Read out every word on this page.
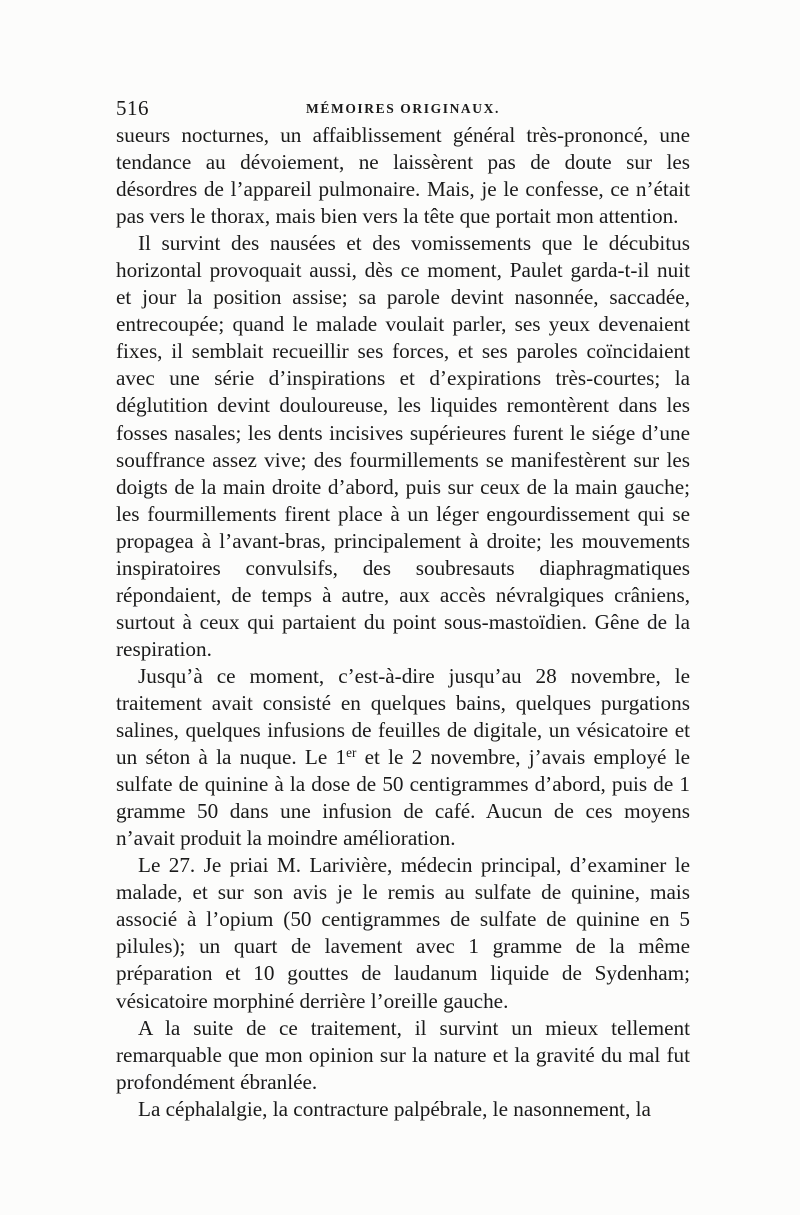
516	MÉMOIRES ORIGINAUX.

sueurs nocturnes, un affaiblissement général très-prononcé, une tendance au dévoiement, ne laissèrent pas de doute sur les désordres de l’appareil pulmonaire. Mais, je le confesse, ce n’était pas vers le thorax, mais bien vers la tête que portait mon attention.

Il survint des nausées et des vomissements que le décubitus horizontal provoquait aussi, dès ce moment, Paulet garda-t-il nuit et jour la position assise; sa parole devint nasonnée, saccadée, entrecoupée; quand le malade voulait parler, ses yeux devenaient fixes, il semblait recueillir ses forces, et ses paroles coïncidaient avec une série d’inspirations et d’expirations très-courtes; la déglutition devint douloureuse, les liquides remontèrent dans les fosses nasales; les dents incisives supérieures furent le siége d’une souffrance assez vive; des fourmillements se manifestèrent sur les doigts de la main droite d’abord, puis sur ceux de la main gauche; les fourmillements firent place à un léger engourdissement qui se propagea à l’avant-bras, principalement à droite; les mouvements inspiratoires convulsifs, des soubresauts diaphragmatiques répondaient, de temps à autre, aux accès névralgiques crâniens, surtout à ceux qui partaient du point sous-mastoïdien. Gêne de la respiration.

Jusqu’à ce moment, c’est-à-dire jusqu’au 28 novembre, le traitement avait consisté en quelques bains, quelques purgations salines, quelques infusions de feuilles de digitale, un vésicatoire et un séton à la nuque. Le 1er et le 2 novembre, j’avais employé le sulfate de quinine à la dose de 50 centigrammes d’abord, puis de 1 gramme 50 dans une infusion de café. Aucun de ces moyens n’avait produit la moindre amélioration.

Le 27. Je priai M. Larivière, médecin principal, d’examiner le malade, et sur son avis je le remis au sulfate de quinine, mais associé à l’opium (50 centigrammes de sulfate de quinine en 5 pilules); un quart de lavement avec 1 gramme de la même préparation et 10 gouttes de laudanum liquide de Sydenham; vésicatoire morphiné derrière l’oreille gauche.

A la suite de ce traitement, il survint un mieux tellement remarquable que mon opinion sur la nature et la gravité du mal fut profondément ébranlée.

La céphalalgie, la contracture palpébrale, le nasonnement, la
